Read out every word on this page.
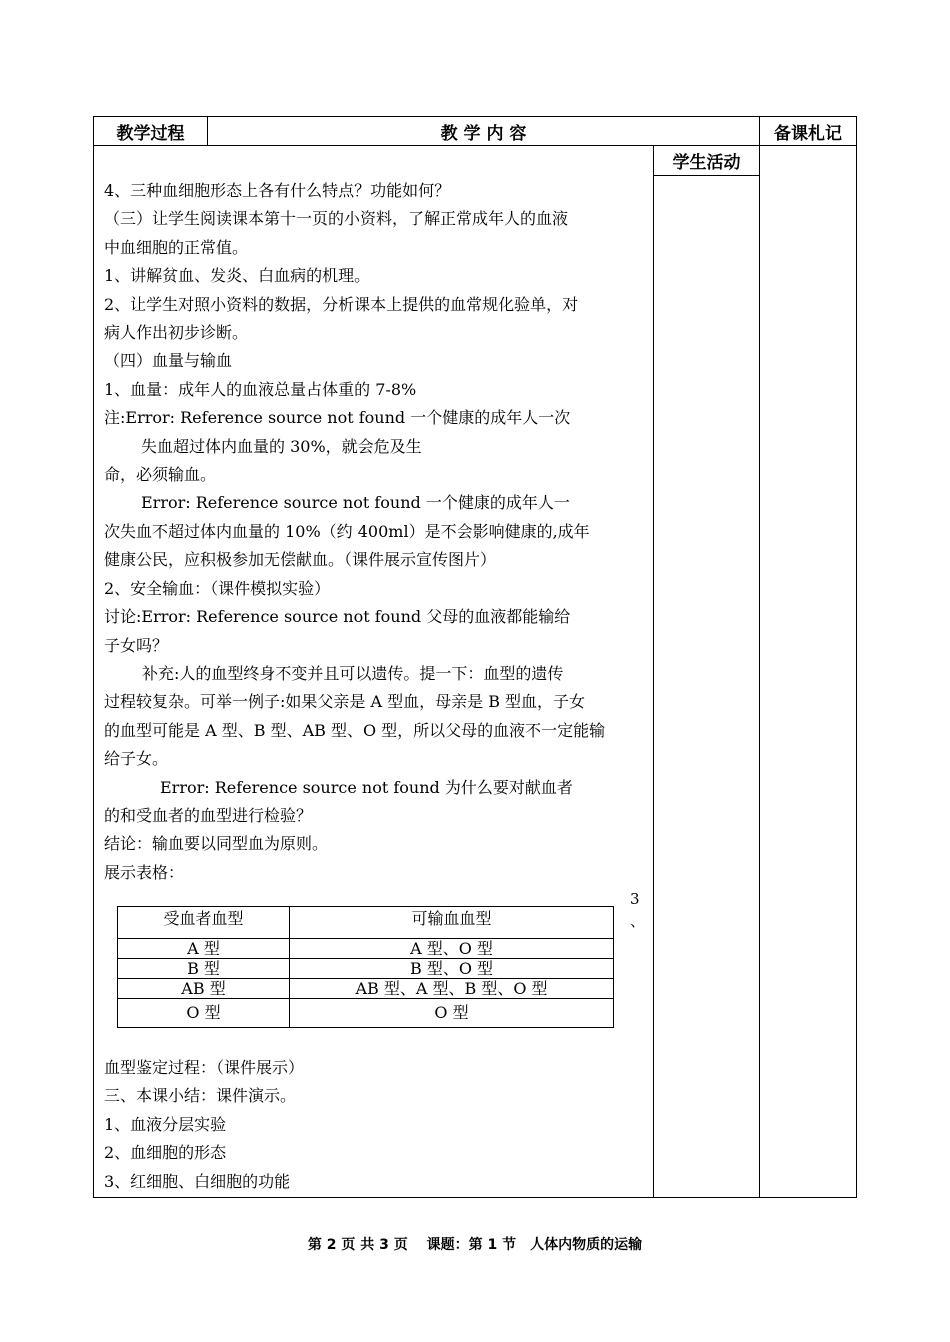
教学过程	教 学 内 容	备课札记
学生活动

4、三种血细胞形态上各有什么特点？功能如何？

（三）让学生阅读课本第十一页的小资料，了解正常成年人的血液

中血细胞的正常值。

1、讲解贫血、发炎、白血病的机理。

2、让学生对照小资料的数据，分析课本上提供的血常规化验单，对

病人作出初步诊断。

（四）血量与输血

1、血量：成年人的血液总量占体重的 7-8%

注:Error: Reference source not found 一个健康的成年人一次

失血超过体内血量的 30%，就会危及生

命，必须输血。

Error: Reference source not found 一个健康的成年人一

次失血不超过体内血量的 10%（约 400ml）是不会影响健康的,成年

健康公民，应积极参加无偿献血。（课件展示宣传图片）

2、安全输血：（课件模拟实验）

讨论:Error: Reference source not found 父母的血液都能输给

子女吗？

补充:人的血型终身不变并且可以遗传。提一下：血型的遗传

过程较复杂。可举一例子:如果父亲是 A 型血，母亲是 B 型血，子女

的血型可能是 A 型、B 型、AB 型、O 型，所以父母的血液不一定能输

给子女。

Error: Reference source not found 为什么要对献血者

的和受血者的血型进行检验？

结论：输血要以同型血为原则。

展示表格：

受血者血型	可输血血型
A 型	A 型、O 型
B 型	B 型、O 型
AB 型	AB 型、A 型、B 型、O 型
O 型	O 型
3
、

血型鉴定过程：（课件展示）

三、本课小结：课件演示。

1、血液分层实验

2、血细胞的形态

3、红细胞、白细胞的功能

第 2 页 共 3 页　 课题：第 1 节　人体内物质的运输
